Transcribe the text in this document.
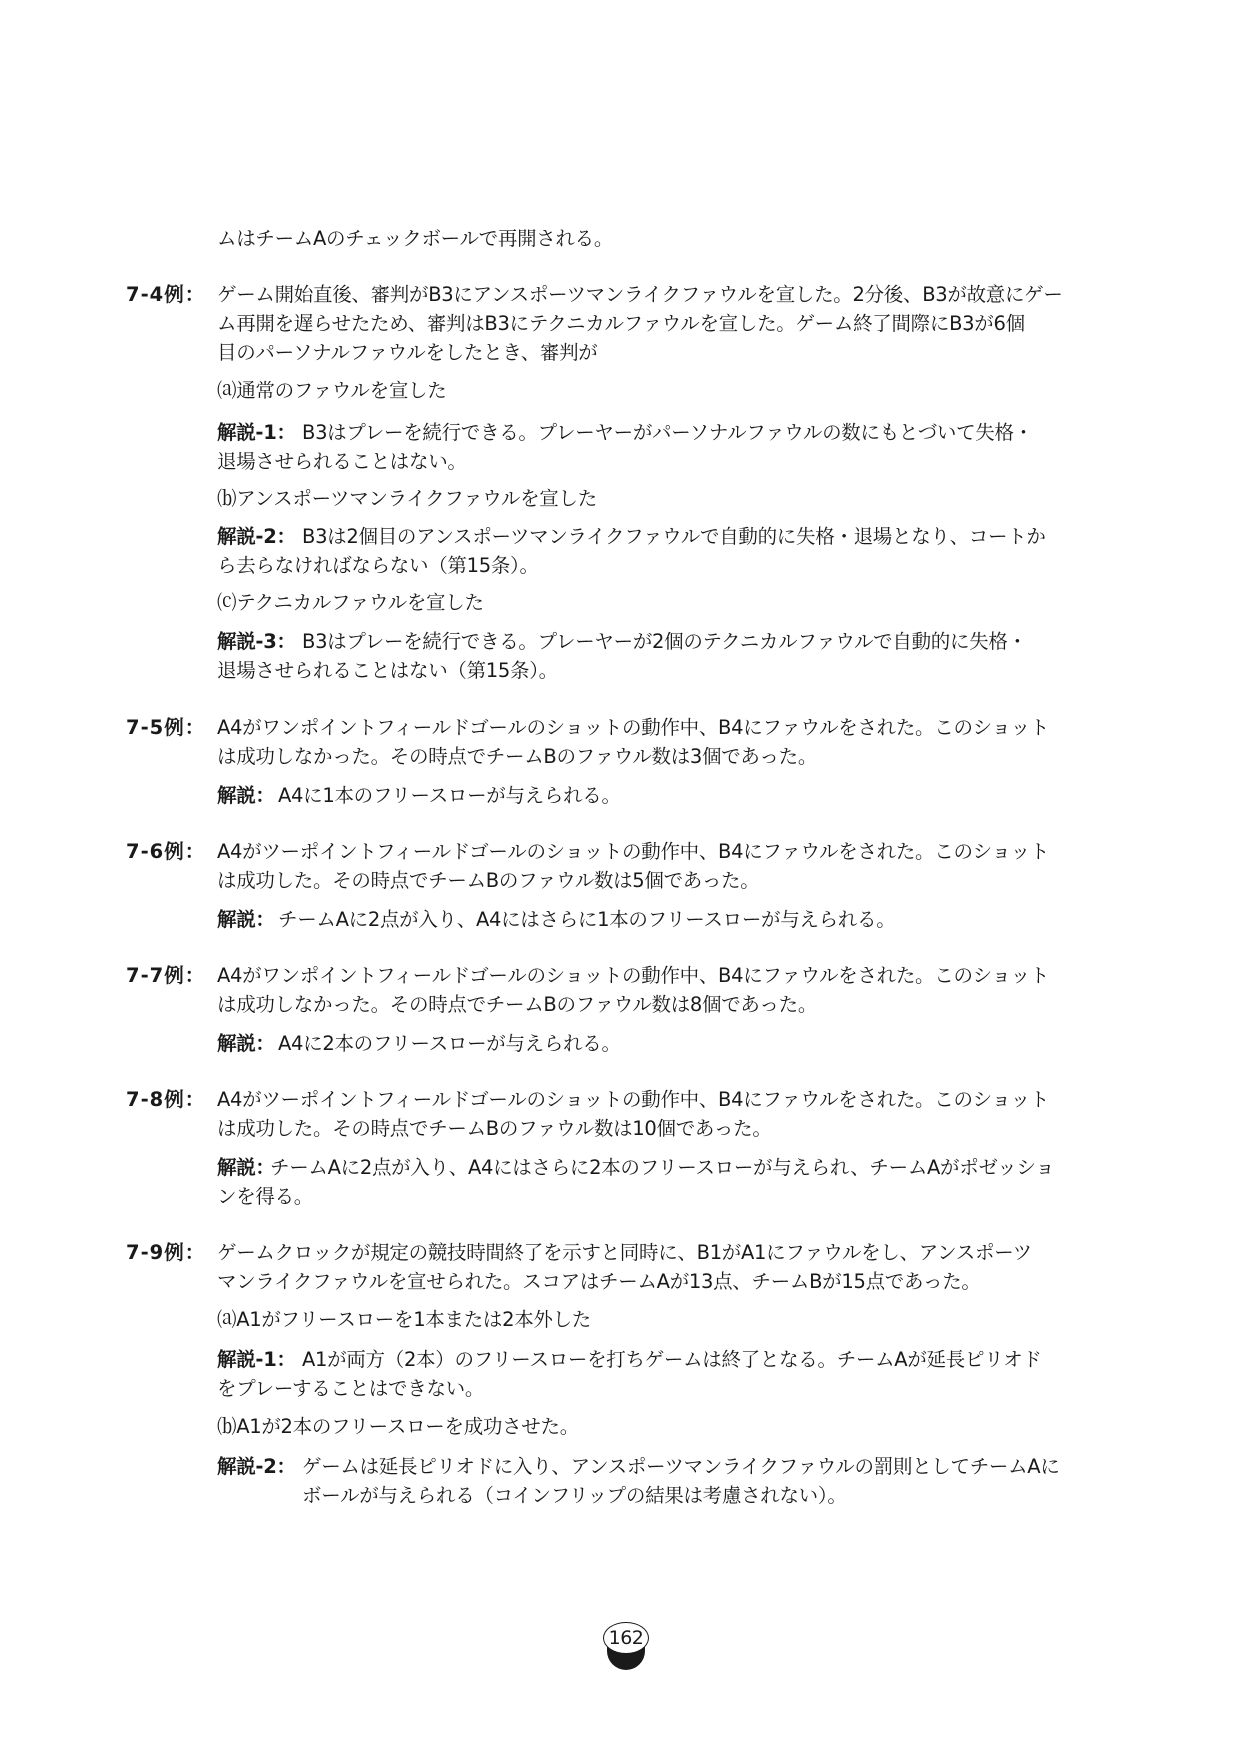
ムはチームAのチェックボールで再開される。
7-4例： ゲーム開始直後、審判がB3にアンスポーツマンライクファウルを宣した。2分後、B3が故意にゲー
ム再開を遅らせたため、審判はB3にテクニカルファウルを宣した。ゲーム終了間際にB3が6個
目のパーソナルファウルをしたとき、審判が
⒜通常のファウルを宣した
解説-1： B3はプレーを続行できる。プレーヤーがパーソナルファウルの数にもとづいて失格・
退場させられることはない。
⒝アンスポーツマンライクファウルを宣した
解説-2： B3は2個目のアンスポーツマンライクファウルで自動的に失格・退場となり、コートか
ら去らなければならない（第15条）。
⒞テクニカルファウルを宣した
解説-3： B3はプレーを続行できる。プレーヤーが2個のテクニカルファウルで自動的に失格・
退場させられることはない（第15条）。
7-5例： A4がワンポイントフィールドゴールのショットの動作中、B4にファウルをされた。このショット
は成功しなかった。その時点でチームBのファウル数は3個であった。
解説： A4に1本のフリースローが与えられる。
7-6例： A4がツーポイントフィールドゴールのショットの動作中、B4にファウルをされた。このショット
は成功した。その時点でチームBのファウル数は5個であった。
解説： チームAに2点が入り、A4にはさらに1本のフリースローが与えられる。
7-7例： A4がワンポイントフィールドゴールのショットの動作中、B4にファウルをされた。このショット
は成功しなかった。その時点でチームBのファウル数は8個であった。
解説： A4に2本のフリースローが与えられる。
7-8例： A4がツーポイントフィールドゴールのショットの動作中、B4にファウルをされた。このショット
は成功した。その時点でチームBのファウル数は10個であった。
解説：
チームAに2点が入り、A4にはさらに2本のフリースローが与えられ、チームAがポゼッショ
ンを得る。
7-9例： ゲームクロックが規定の競技時間終了を示すと同時に、B1がA1にファウルをし、アンスポーツ
マンライクファウルを宣せられた。スコアはチームAが13点、チームBが15点であった。
⒜A1がフリースローを1本または2本外した
解説-1： A1が両方（2本）のフリースローを打ちゲームは終了となる。チームAが延長ピリオド
をプレーすることはできない。
⒝A1が2本のフリースローを成功させた。
解説-2： ゲームは延長ピリオドに入り、アンスポーツマンライクファウルの罰則としてチームAに
ボールが与えられる（コインフリップの結果は考慮されない）。
162
